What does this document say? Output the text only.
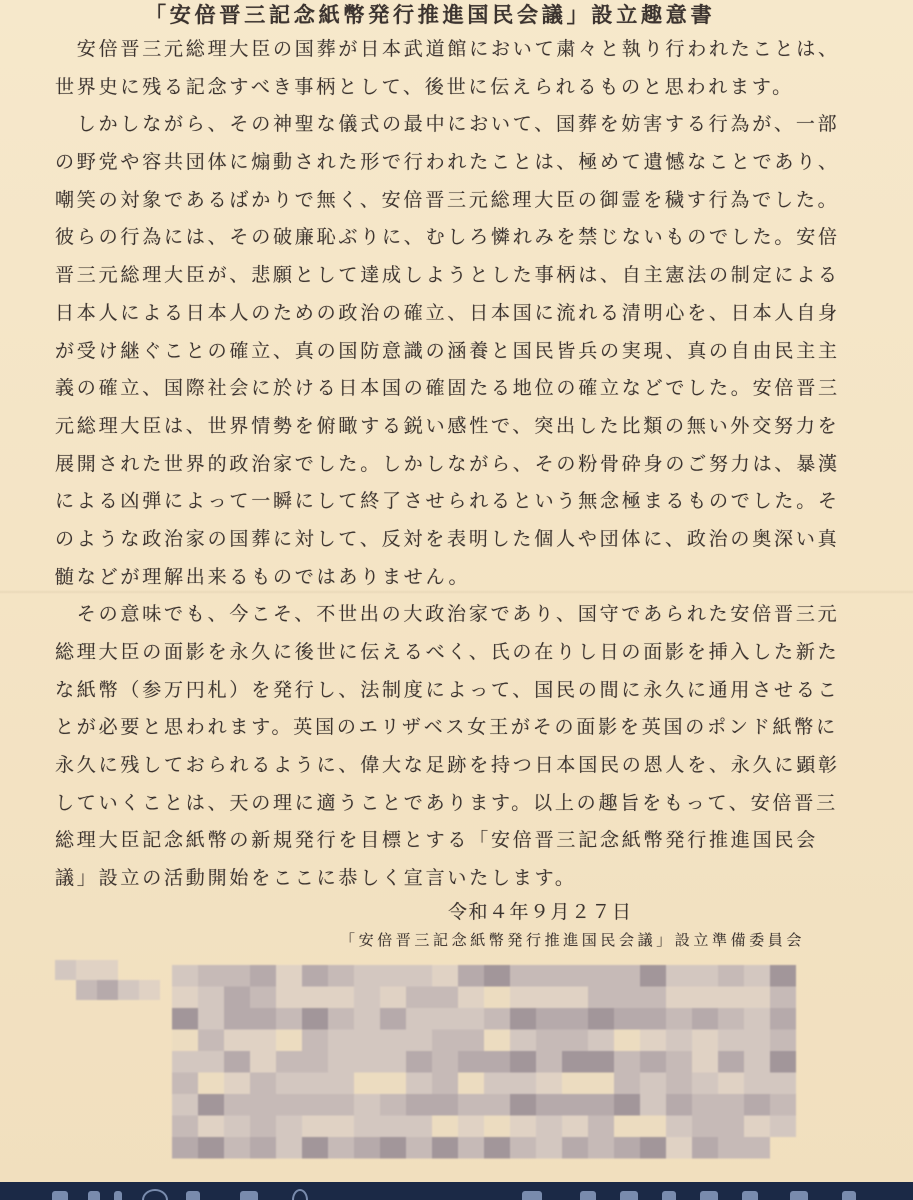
「安倍晋三記念紙幣発行推進国民会議」設立趣意書
安倍晋三元総理大臣の国葬が日本武道館において粛々と執り行われたことは、
世界史に残る記念すべき事柄として、後世に伝えられるものと思われます。
しかしながら、その神聖な儀式の最中において、国葬を妨害する行為が、一部
の野党や容共団体に煽動された形で行われたことは、極めて遺憾なことであり、
嘲笑の対象であるばかりで無く、安倍晋三元総理大臣の御霊を穢す行為でした。
彼らの行為には、その破廉恥ぶりに、むしろ憐れみを禁じないものでした。安倍
晋三元総理大臣が、悲願として達成しようとした事柄は、自主憲法の制定による
日本人による日本人のための政治の確立、日本国に流れる清明心を、日本人自身
が受け継ぐことの確立、真の国防意識の涵養と国民皆兵の実現、真の自由民主主
義の確立、国際社会に於ける日本国の確固たる地位の確立などでした。安倍晋三
元総理大臣は、世界情勢を俯瞰する鋭い感性で、突出した比類の無い外交努力を
展開された世界的政治家でした。しかしながら、その粉骨砕身のご努力は、暴漢
による凶弾によって一瞬にして終了させられるという無念極まるものでした。そ
のような政治家の国葬に対して、反対を表明した個人や団体に、政治の奥深い真
髄などが理解出来るものではありません。
その意味でも、今こそ、不世出の大政治家であり、国守であられた安倍晋三元
総理大臣の面影を永久に後世に伝えるべく、氏の在りし日の面影を挿入した新た
な紙幣（参万円札）を発行し、法制度によって、国民の間に永久に通用させるこ
とが必要と思われます。英国のエリザベス女王がその面影を英国のポンド紙幣に
永久に残しておられるように、偉大な足跡を持つ日本国民の恩人を、永久に顕彰
していくことは、天の理に適うことであります。以上の趣旨をもって、安倍晋三
総理大臣記念紙幣の新規発行を目標とする「安倍晋三記念紙幣発行推進国民会
議」設立の活動開始をここに恭しく宣言いたします。
令和４年９月２７日
「安倍晋三記念紙幣発行推進国民会議」設立準備委員会
